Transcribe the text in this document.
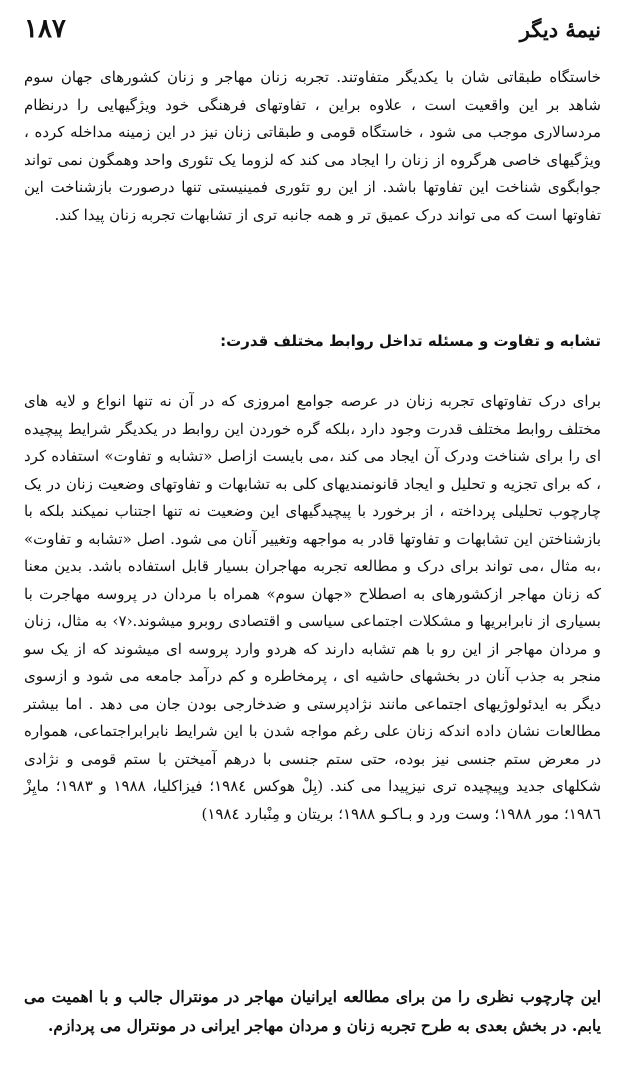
١٨٧	نیمهٔ دیگر

خاستگاه طبقاتی شان با یکدیگر متفاوتند. تجربه زنان مهاجر و زنان کشورهای جهان سوم شاهد بر این واقعیت است ، علاوه براین ، تفاوتهای فرهنگی خود ویژگیهایی را درنظام مردسالاری موجب می شود ، خاستگاه قومی و طبقاتی زنان نیز در این زمینه مداخله کرده ، ویژگیهای خاصی هرگروه از زنان را ایجاد می کند که لزوما یک تئوری واحد وهمگون نمی تواند جوابگوی شناخت این تفاوتها باشد. از این رو تئوری فمینیستی تنها درصورت بازشناخت این تفاوتها است که می تواند درک عمیق تر و همه جانبه تری از تشابهات تجربه زنان پیدا کند.

تشابه و تفاوت و مسئله تداخل روابط مختلف قدرت:

برای درک تفاوتهای تجربه زنان در عرصه جوامع امروزی که در آن نه تنها انواع و لایه های مختلف روابط مختلف قدرت وجود دارد ،بلکه گره خوردن این روابط در یکدیگر شرایط پیچیده ای را برای شناخت ودرک آن ایجاد می کند ،می بایست ازاصل «تشابه و تفاوت» استفاده کرد ، که برای تجزیه و تحلیل و ایجاد قانونمندیهای کلی به تشابهات و تفاوتهای وضعیت زنان در یک چارچوب تحلیلی پرداخته ، از برخورد با پیچیدگیهای این وضعیت نه تنها اجتناب نمیکند بلکه با بازشناختن این تشابهات و تفاوتها قادر به مواجهه وتغییر آنان می شود. اصل «تشابه و تفاوت» ،به مثال ،می تواند برای درک و مطالعه تجربه مهاجران بسیار قابل استفاده باشد. بدین معنا که زنان مهاجر ازکشورهای به اصطلاح «جهان سوم» همراه با مردان در پروسه مهاجرت با بسیاری از نابرابریها و مشکلات اجتماعی سیاسی و اقتصادی روبرو میشوند.‹٧› به مثال، زنان و مردان مهاجر از این رو با هم تشابه دارند که هردو وارد پروسه ای میشوند که از یک سو منجر به جذب آنان در بخشهای حاشیه ای ، پرمخاطره و کم درآمد جامعه می شود و ازسوی دیگر به ایدئولوژیهای اجتماعی مانند نژادپرستی و ضدخارجی بودن جان می دهد . اما بیشتر مطالعات نشان داده اندکه زنان علی رغم مواجه شدن با این شرایط نابرابراجتماعی، همواره در معرض ستم جنسی نیز بوده، حتی ستم جنسی با درهم آمیختن با ستم قومی و نژادی شکلهای جدید وپیچیده تری نیزپیدا می کند. (بِلْ هوکس ١٩٨٤؛ فیزاکلیا، ١٩٨٨ و ١٩٨٣؛ مایِزْ ١٩٨٦؛ مور ١٩٨٨؛ وست ورد و بـاکـو ١٩٨٨؛ بریتان و مِنْبارد ١٩٨٤)

این چارچوب نظری را من برای مطالعه ایرانیان مهاجر در مونترال جالب و با اهمیت می یابم. در بخش بعدی به طرح تجربه زنان و مردان مهاجر ایرانی در مونترال می پردازم.
